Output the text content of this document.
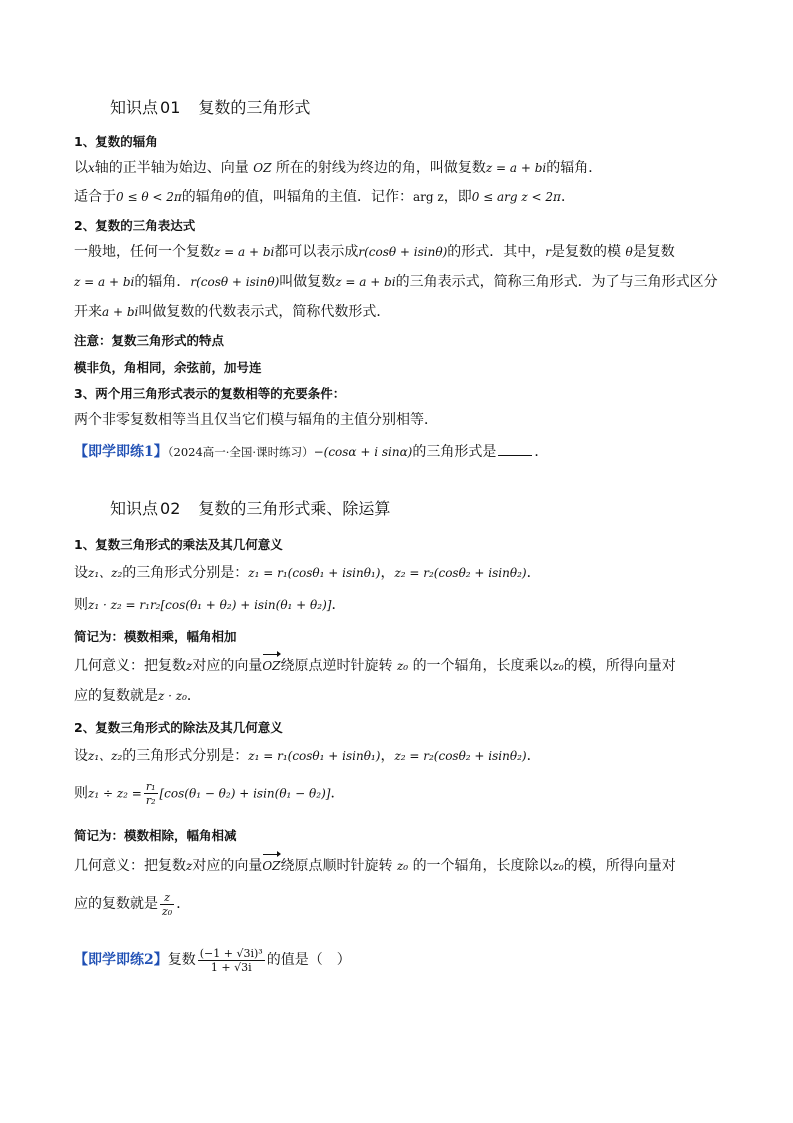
知识点 01 复数的三角形式
1、复数的辐角
以x轴的正半轴为始边、向量 OZ 所在的射线为终边的角，叫做复数z = a + bi的辐角．
适合于0 ≤ θ < 2π的辐角θ的值，叫辐角的主值．记作：arg z，即0 ≤ arg z < 2π．
2、复数的三角表达式
一般地，任何一个复数z = a + bi都可以表示成r(cosθ + isinθ)的形式．其中，r是复数的模 θ是复数
z = a + bi的辐角．r(cosθ + isinθ)叫做复数z = a + bi的三角表示式，简称三角形式．为了与三角形式区分
开来a + bi叫做复数的代数表示式，简称代数形式．
注意：复数三角形式的特点
模非负，角相同，余弦前，加号连
3、两个用三角形式表示的复数相等的充要条件：
两个非零复数相等当且仅当它们模与辐角的主值分别相等．
【即学即练1】（2024高一·全国·课时练习）−(cosα + i sinα)的三角形式是	．
知识点 02 复数的三角形式乘、除运算
1、复数三角形式的乘法及其几何意义
设z₁、z₂的三角形式分别是：z₁ = r₁(cosθ₁ + isinθ₁)，z₂ = r₂(cosθ₂ + isinθ₂)．
则z₁ · z₂ = r₁r₂[cos(θ₁ + θ₂) + isin(θ₁ + θ₂)]．
简记为：模数相乘，幅角相加
几何意义：把复数z对应的向量OZ绕原点逆时针旋转 z₀ 的一个辐角，长度乘以z₀的模，所得向量对
应的复数就是z · z₀．
2、复数三角形式的除法及其几何意义
设z₁、z₂的三角形式分别是：z₁ = r₁(cosθ₁ + isinθ₁)，z₂ = r₂(cosθ₂ + isinθ₂)．
则$z_1 \div z_2 = \frac{\text{r₁}}{\text{r₂}} [\cos(\theta_1 - \theta_2) + isin(\theta_1 - \theta_2)]$．
简记为：模数相除，幅角相减
几何意义：把复数z对应的向量OZ绕原点顺时针旋转 z₀ 的一个辐角，长度除以z₀的模，所得向量对
应的复数就是 $\frac{z}{\text{z₀}}$ ．
【即学即练2】复数 $\frac{\text{(−1 + √3i)³}}{1 + √3i}$ 的值是（　）
